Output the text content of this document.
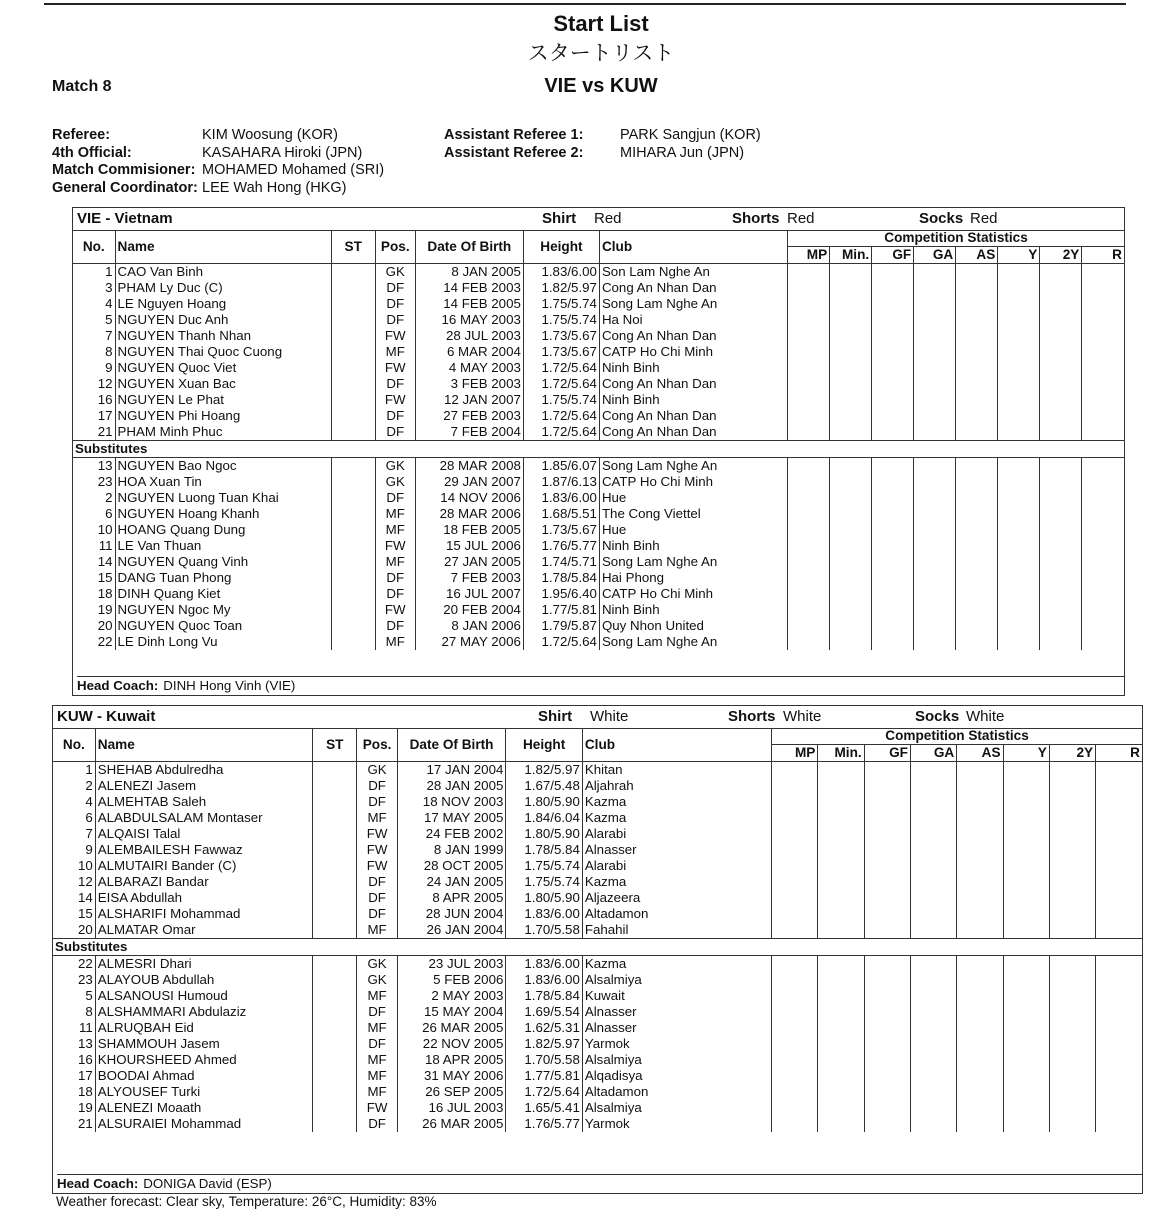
Start List
スタートリスト
Match 8	VIE vs KUW
Referee:	KIM Woosung (KOR)
4th Official:	KASAHARA Hiroki (JPN)
Match Commisioner: MOHAMED Mohamed (SRI)
General Coordinator: LEE Wah Hong (HKG)
Assistant Referee 1:	PARK Sangjun (KOR)
Assistant Referee 2:	MIHARA Jun (JPN)
VIE - Vietnam	Shirt Red	Shorts Red	Socks Red
No.	Name	ST	Pos.	Date Of Birth	Height	Club	Competition Statistics							
							MP	Min.	GF	GA	AS	Y	2Y	R
1	CAO Van Binh		GK	8 JAN 2005	1.83/6.00	Son Lam Nghe An								
3	PHAM Ly Duc (C)		DF	14 FEB 2003	1.82/5.97	Cong An Nhan Dan								
4	LE Nguyen Hoang		DF	14 FEB 2005	1.75/5.74	Song Lam Nghe An								
5	NGUYEN Duc Anh		DF	16 MAY 2003	1.75/5.74	Ha Noi								
7	NGUYEN Thanh Nhan		FW	28 JUL 2003	1.73/5.67	Cong An Nhan Dan								
8	NGUYEN Thai Quoc Cuong		MF	6 MAR 2004	1.73/5.67	CATP Ho Chi Minh								
9	NGUYEN Quoc Viet		FW	4 MAY 2003	1.72/5.64	Ninh Binh								
12	NGUYEN Xuan Bac		DF	3 FEB 2003	1.72/5.64	Cong An Nhan Dan								
16	NGUYEN Le Phat		FW	12 JAN 2007	1.75/5.74	Ninh Binh								
17	NGUYEN Phi Hoang		DF	27 FEB 2003	1.72/5.64	Cong An Nhan Dan								
21	PHAM Minh Phuc		DF	7 FEB 2004	1.72/5.64	Cong An Nhan Dan								
Substitutes														
13	NGUYEN Bao Ngoc		GK	28 MAR 2008	1.85/6.07	Song Lam Nghe An								
23	HOA Xuan Tin		GK	29 JAN 2007	1.87/6.13	CATP Ho Chi Minh								
2	NGUYEN Luong Tuan Khai		DF	14 NOV 2006	1.83/6.00	Hue								
6	NGUYEN Hoang Khanh		MF	28 MAR 2006	1.68/5.51	The Cong Viettel								
10	HOANG Quang Dung		MF	18 FEB 2005	1.73/5.67	Hue								
11	LE Van Thuan		FW	15 JUL 2006	1.76/5.77	Ninh Binh								
14	NGUYEN Quang Vinh		MF	27 JAN 2005	1.74/5.71	Song Lam Nghe An								
15	DANG Tuan Phong		DF	7 FEB 2003	1.78/5.84	Hai Phong								
18	DINH Quang Kiet		DF	16 JUL 2007	1.95/6.40	CATP Ho Chi Minh								
19	NGUYEN Ngoc My		FW	20 FEB 2004	1.77/5.81	Ninh Binh								
20	NGUYEN Quoc Toan		DF	8 JAN 2006	1.79/5.87	Quy Nhon United								
22	LE Dinh Long Vu		MF	27 MAY 2006	1.72/5.64	Song Lam Nghe An								
Head Coach: DINH Hong Vinh (VIE)
KUW - Kuwait	Shirt White	Shorts White	Socks White
No.	Name	ST	Pos.	Date Of Birth	Height	Club	Competition Statistics							
							MP	Min.	GF	GA	AS	Y	2Y	R
1	SHEHAB Abdulredha		GK	17 JAN 2004	1.82/5.97	Khitan								
2	ALENEZI Jasem		DF	28 JAN 2005	1.67/5.48	Aljahrah								
4	ALMEHTAB Saleh		DF	18 NOV 2003	1.80/5.90	Kazma								
6	ALABDULSALAM Montaser		MF	17 MAY 2005	1.84/6.04	Kazma								
7	ALQAISI Talal		FW	24 FEB 2002	1.80/5.90	Alarabi								
9	ALEMBAILESH Fawwaz		FW	8 JAN 1999	1.78/5.84	Alnasser								
10	ALMUTAIRI Bander (C)		FW	28 OCT 2005	1.75/5.74	Alarabi								
12	ALBARAZI Bandar		DF	24 JAN 2005	1.75/5.74	Kazma								
14	EISA Abdullah		DF	8 APR 2005	1.80/5.90	Aljazeera								
15	ALSHARIFI Mohammad		DF	28 JUN 2004	1.83/6.00	Altadamon								
20	ALMATAR Omar		MF	26 JAN 2004	1.70/5.58	Fahahil								
Substitutes														
22	ALMESRI Dhari		GK	23 JUL 2003	1.83/6.00	Kazma								
23	ALAYOUB Abdullah		GK	5 FEB 2006	1.83/6.00	Alsalmiya								
5	ALSANOUSI Humoud		MF	2 MAY 2003	1.78/5.84	Kuwait								
8	ALSHAMMARI Abdulaziz		DF	15 MAY 2004	1.69/5.54	Alnasser								
11	ALRUQBAH Eid		MF	26 MAR 2005	1.62/5.31	Alnasser								
13	SHAMMOUH Jasem		DF	22 NOV 2005	1.82/5.97	Yarmok								
16	KHOURSHEED Ahmed		MF	18 APR 2005	1.70/5.58	Alsalmiya								
17	BOODAI Ahmad		MF	31 MAY 2006	1.77/5.81	Alqadisya								
18	ALYOUSEF Turki		MF	26 SEP 2005	1.72/5.64	Altadamon								
19	ALENEZI Moaath		FW	16 JUL 2003	1.65/5.41	Alsalmiya								
21	ALSURAIEI Mohammad		DF	26 MAR 2005	1.76/5.77	Yarmok								
Head Coach: DONIGA David (ESP)
Weather forecast: Clear sky, Temperature: 26°C, Humidity: 83%
